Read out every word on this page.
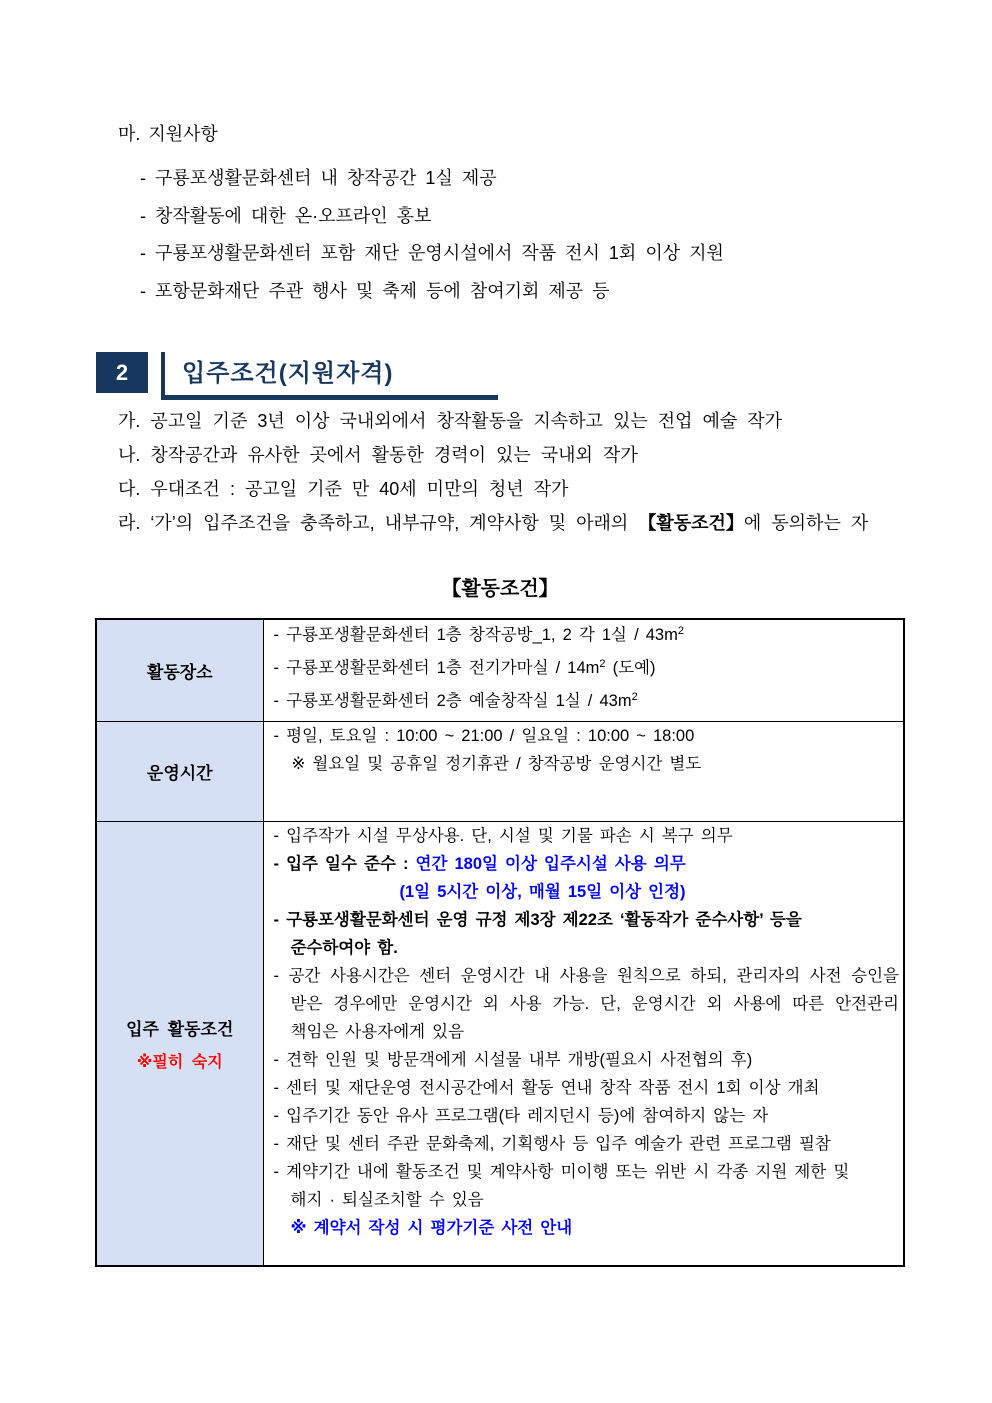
마. 지원사항
- 구룡포생활문화센터 내 창작공간 1실 제공
- 창작활동에 대한 온·오프라인 홍보
- 구룡포생활문화센터 포함 재단 운영시설에서 작품 전시 1회 이상 지원
- 포항문화재단 주관 행사 및 축제 등에 참여기회 제공 등
2	입주조건(지원자격)
가. 공고일 기준 3년 이상 국내외에서 창작활동을 지속하고 있는 전업 예술 작가
나. 창작공간과 유사한 곳에서 활동한 경력이 있는 국내외 작가
다. 우대조건 : 공고일 기준 만 40세 미만의 청년 작가
라. ‘가’의 입주조건을 충족하고, 내부규약, 계약사항 및 아래의 【활동조건】에 동의하는 자
【활동조건】
활동장소	- 구룡포생활문화센터 1층 창작공방_1, 2 각 1실 / $43m^2$
- 구룡포생활문화센터 1층 전기가마실 / $14m^2$ (도예)
- 구룡포생활문화센터 2층 예술창작실 1실 / $43m^2$

운영시간	- 평일, 토요일 : 10:00 ~ 21:00 / 일요일 : 10:00 ~ 18:00
※ 월요일 및 공휴일 정기휴관 / 창작공방 운영시간 별도

입주 활동조건
※필히 숙지

- 입주작가 시설 무상사용. 단, 시설 및 기물 파손 시 복구 의무
- 입주 일수 준수 : 연간 180일 이상 입주시설 사용 의무
(1일 5시간 이상, 매월 15일 이상 인정)
- 구룡포생활문화센터 운영 규정 제3장 제22조 ‘활동작가 준수사항’ 등을
준수하여야 함.
- 공간 사용시간은 센터 운영시간 내 사용을 원칙으로 하되, 관리자의 사전 승인을
받은 경우에만 운영시간 외 사용 가능. 단, 운영시간 외 사용에 따른 안전관리
책임은 사용자에게 있음
- 견학 인원 및 방문객에게 시설물 내부 개방(필요시 사전협의 후)
- 센터 및 재단운영 전시공간에서 활동 연내 창작 작품 전시 1회 이상 개최
- 입주기간 동안 유사 프로그램(타 레지던시 등)에 참여하지 않는 자
- 재단 및 센터 주관 문화축제, 기획행사 등 입주 예술가 관련 프로그램 필참
- 계약기간 내에 활동조건 및 계약사항 미이행 또는 위반 시 각종 지원 제한 및
해지 · 퇴실조치할 수 있음
※ 계약서 작성 시 평가기준 사전 안내
